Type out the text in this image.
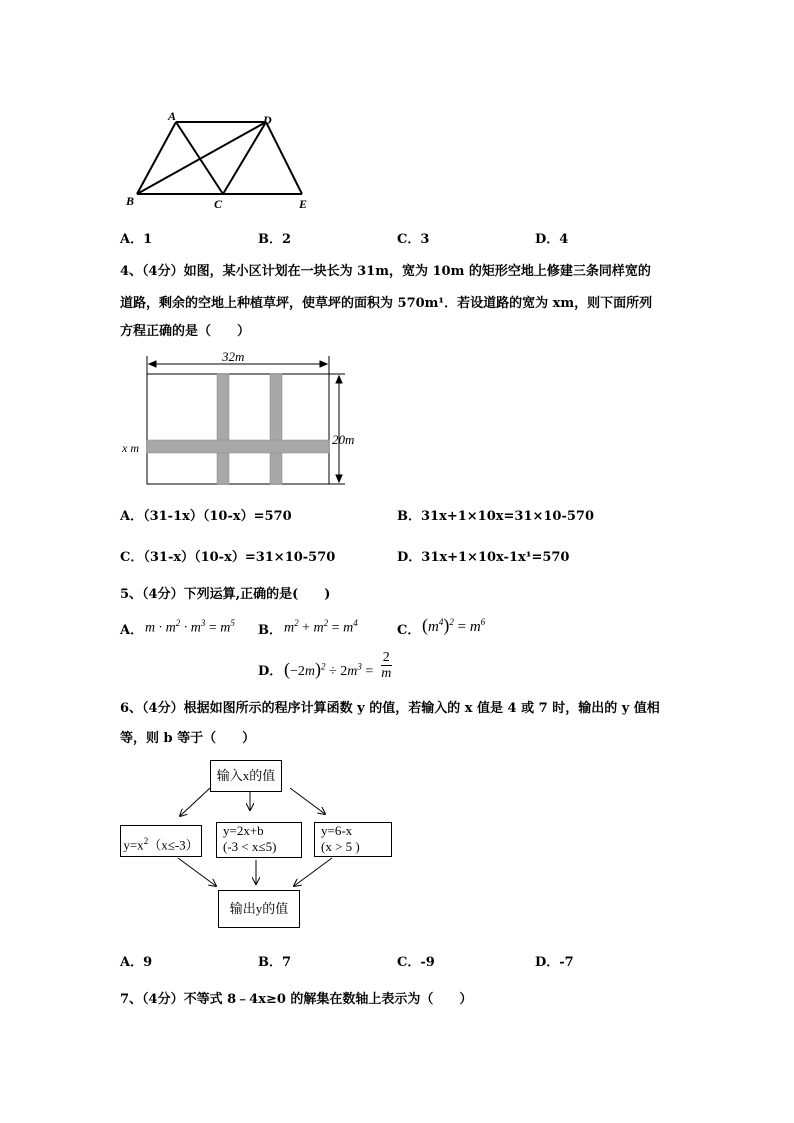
A	D
B	C	E
A．1	B．2	C．3	D．4
4、（4分）如图，某小区计划在一块长为 31m，宽为 10m 的矩形空地上修建三条同样宽的
道路，剩余的空地上种植草坪，使草坪的面积为 570m¹．若设道路的宽为 xm，则下面所列
方程正确的是（　　）
32m
20m
x m
A．（31-1x）（10-x）=570	B．31x+1×10x=31×10-570
C．（31-x）（10-x）=31×10-570	D．31x+1×10x-1x¹=570
5、（4分）下列运算,正确的是(　　)
A． $m \cdot m^2 \cdot m^3 = m^5$ B． $m^2 + m^2 = m^4$	C． $(m^4)^2 = m^6$
D． $(-2m)^2 \div 2m^3 = \frac{2}{m}$
6、（4分）根据如图所示的程序计算函数 y 的值，若输入的 x 值是 4 或 7 时，输出的 y 值相
等，则 b 等于（　　）
输入x的值
$y=x^2(x\le-3)$
y=2x+b
(-3 < x≤5)
y=6-x
(x > 5 )
输出y的值
A．9	B．7	C．-9	D．-7
7、（4分）不等式 8﹣4x≥0 的解集在数轴上表示为（　　）
